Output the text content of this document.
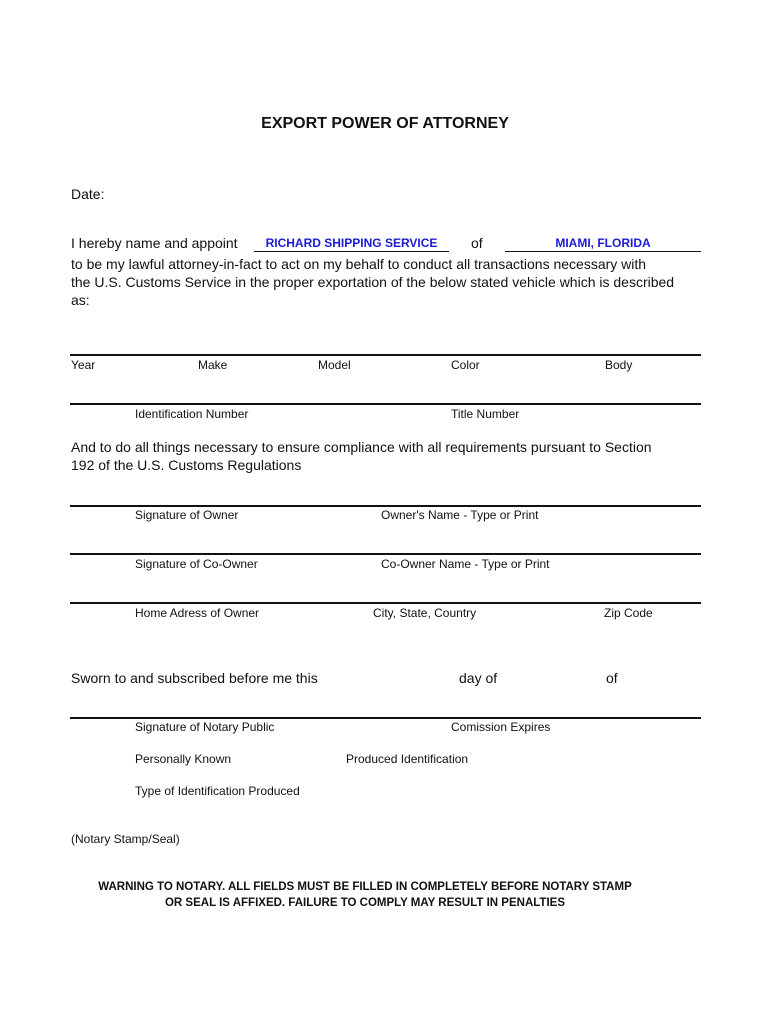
EXPORT POWER OF ATTORNEY
Date:
I hereby name and appoint	RICHARD SHIPPING SERVICE	of	MIAMI, FLORIDA
to be my lawful attorney-in-fact to act on my behalf to conduct all transactions necessary with
the U.S. Customs Service in the proper exportation of the below stated vehicle which is described
as:
Year	Make	Model	Color	Body
Identification Number	Title Number
And to do all things necessary to ensure compliance with all requirements pursuant to Section
192 of the U.S. Customs Regulations
Signature of Owner	Owner's Name - Type or Print
Signature of Co-Owner	Co-Owner Name - Type or Print
Home Adress of Owner	City, State, Country	Zip Code
Sworn to and subscribed before me this	day of	of
Signature of Notary Public	Comission Expires
Personally Known	Produced Identification
Type of Identification Produced
(Notary Stamp/Seal)
WARNING TO NOTARY. ALL FIELDS MUST BE FILLED IN COMPLETELY BEFORE NOTARY STAMP
OR SEAL IS AFFIXED. FAILURE TO COMPLY MAY RESULT IN PENALTIES
